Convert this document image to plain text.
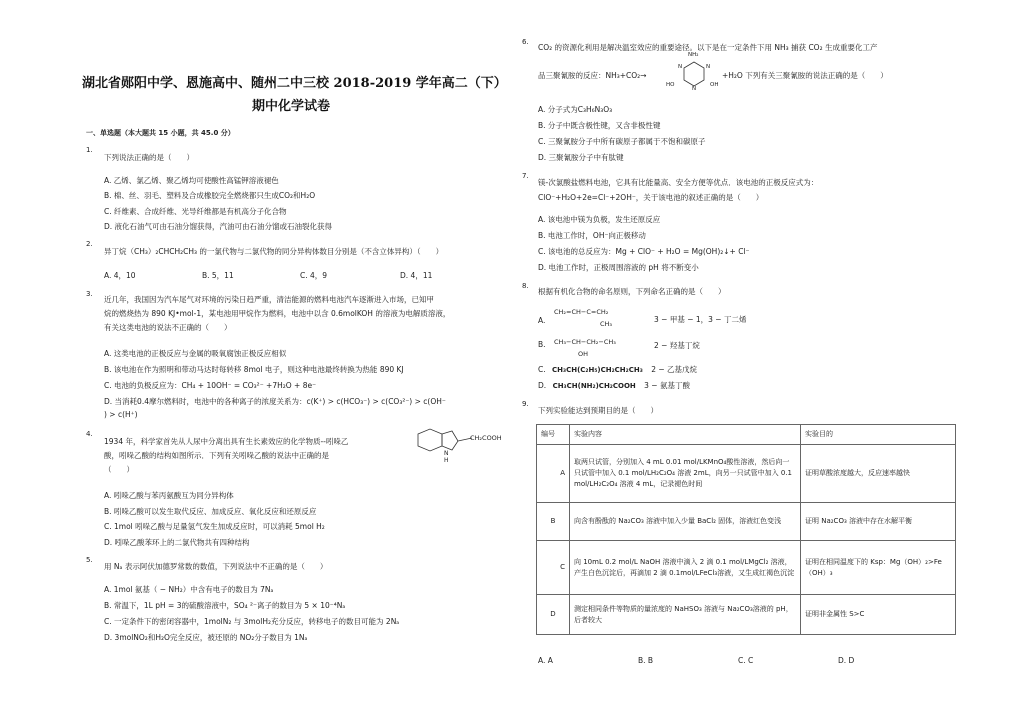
湖北省郧阳中学、恩施高中、随州二中三校 2018-2019 学年高二（下）
期中化学试卷
一、单选题（本大题共 15 小题，共 45.0 分）
1.
下列说法正确的是（　　）
A. 乙烯、氯乙烯、聚乙烯均可使酸性高锰钾溶液褪色
B. 棉、丝、羽毛、塑料及合成橡胶完全燃烧都只生成CO₂和H₂O
C. 纤维素、合成纤维、光导纤维都是有机高分子化合物
D. 液化石油气可由石油分馏获得，汽油可由石油分馏或石油裂化获得
2.
异丁烷（CH₃）₂CHCH₂CH₃ 的一氯代物与二氯代物的同分异构体数目分别是（不含立体异构）（　　）
A. 4，10	B. 5，11	C. 4，9	D. 4，11
3.
近几年，我国因为汽车尾气对环境的污染日趋严重，清洁能源的燃料电池汽车逐渐进入市场，已知甲
烷的燃烧热为 890 KJ•mol-1，某电池用甲烷作为燃料，电池中以含 0.6molKOH 的溶液为电解质溶液，
有关这类电池的说法不正确的（　　）
A. 这类电池的正极反应与金属的吸氧腐蚀正极反应相似
B. 该电池在作为照明和带动马达时每转移 8mol 电子，则这种电池最终转换为热能 890 KJ
C. 电池的负极反应为：CH₄ + 10OH⁻ = CO₃²⁻ +7H₂O + 8e⁻
D. 当消耗0.4摩尔燃料时，电池中的各种离子的浓度关系为：c(K⁺) > c(HCO₃⁻) > c(CO₃²⁻) > c(OH⁻
) > c(H⁺)
4.
1934 年，科学家首先从人尿中分离出具有生长素效应的化学物质--吲哚乙
酸，吲哚乙酸的结构如图所示．下列有关吲哚乙酸的说法中正确的是
（　　）
CH₂COOH
N
H
A. 吲哚乙酸与苯丙氨酸互为同分异构体
B. 吲哚乙酸可以发生取代反应、加成反应、氧化反应和还原反应
C. 1mol 吲哚乙酸与足量氢气发生加成反应时，可以消耗 5mol H₂
D. 吲哚乙酸苯环上的二氯代物共有四种结构
5.
用 Nₐ 表示阿伏加德罗常数的数值，下列说法中不正确的是（　　）
A. 1mol 氨基（ − NH₂）中含有电子的数目为 7Nₐ
B. 常温下，1L pH = 3的硫酸溶液中，SO₄ ²⁻离子的数目为 5 × 10⁻⁴Nₐ
C. 一定条件下的密闭容器中，1molN₂ 与 3molH₂充分反应，转移电子的数目可能为 2Nₐ
D. 3molNO₂和H₂O完全反应，被还原的 NO₂分子数目为 1Nₐ
6.
CO₂ 的资源化利用是解决温室效应的重要途径。以下是在一定条件下用 NH₃ 捕获 CO₂ 生成重要化工产
品三聚氰胺的反应：NH₃+CO₂→
NH₂
N
N
N
HO	OH
+H₂O 下列有关三聚氰胺的说法正确的是（　　）
A. 分子式为C₃H₆N₃O₃
B. 分子中既含极性键，又含非极性键
C. 三聚氰胺分子中所有碳原子都属于不饱和碳原子
D. 三聚氰胺分子中有肽键
7.
镁-次氯酸盐燃料电池，它具有比能量高、安全方便等优点．该电池的正极反应式为：
ClO⁻+H₂O+2e=Cl⁻+2OH⁻，关于该电池的叙述正确的是（　　）
A. 该电池中镁为负极，发生还原反应
B. 电池工作时，OH⁻向正极移动
C. 该电池的总反应为：Mg + ClO⁻ + H₂O = Mg(OH)₂↓+ Cl⁻
D. 电池工作时，正极周围溶液的 pH 将不断变小
8.
根据有机化合物的命名原则，下列命名正确的是（　　）
A.
CH₂=CH−C=CH₂
CH₃	3 − 甲基 − 1，3 − 丁二烯
B. CH₃−CH−CH₂−CH₃
OH
2 − 羟基丁烷
C. CH₃CH(C₂H₅)CH₂CH₂CH₃ 2 − 乙基戊烷
D. CH₃CH(NH₂)CH₂COOH 3 − 氨基丁酸
9.
下列实验能达到预期目的是（　　）
编号	实验内容	实验目的
A	取两只试管，分别加入 4 mL 0.01 mol/LKMnO₄酸性溶液，然后向一只试管中加入 0.1 mol/LH₂C₂O₄ 溶液 2mL，向另一只试管中加入 0.1 mol/LH₂C₂O₄ 溶液 4 mL，记录褪色时间	证明草酸浓度越大，反应速率越快
B	向含有酚酞的 Na₂CO₃ 溶液中加入少量 BaCl₂ 固体，溶液红色变浅	证明 Na₂CO₃ 溶液中存在水解平衡
C	向 10mL 0.2 mol/L NaOH 溶液中滴入 2 滴 0.1 mol/LMgCl₂ 溶液，产生白色沉淀后，再滴加 2 滴 0.1mol/LFeCl₃溶液，又生成红褐色沉淀	证明在相同温度下的 Ksp：Mg（OH）₂>Fe（OH）₃
D	测定相同条件等物质的量浓度的 NaHSO₃ 溶液与 Na₂CO₃溶液的 pH，后者较大	证明非金属性 S>C
A. A	B. B	C. C	D. D
